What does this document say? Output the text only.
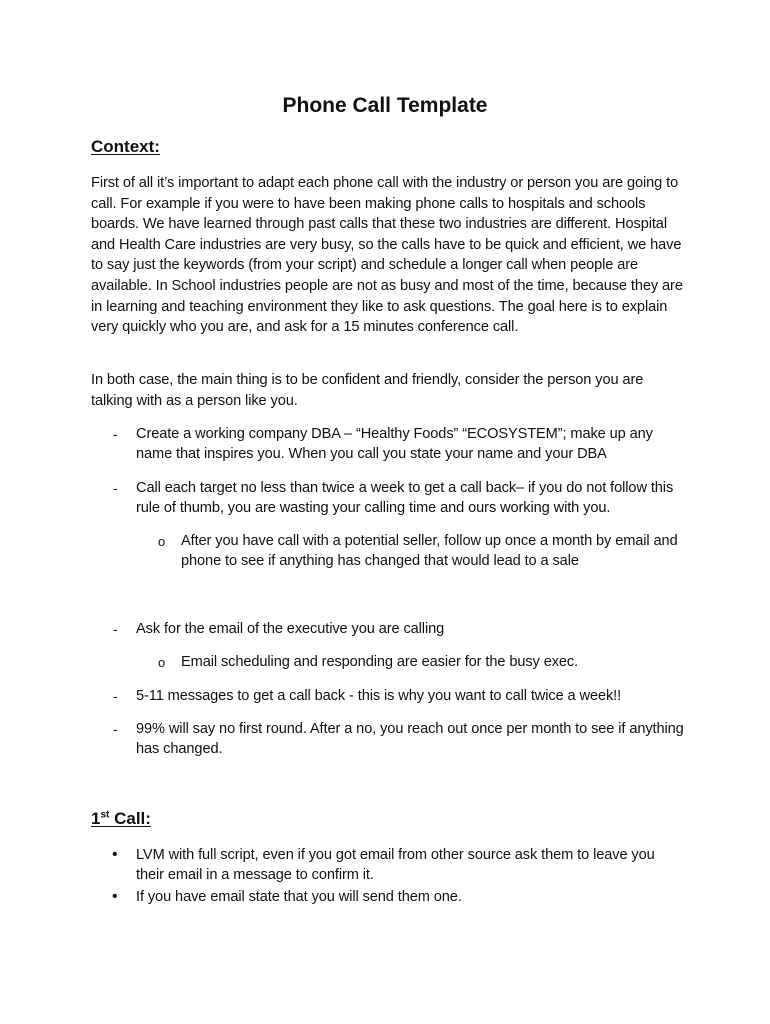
Phone Call Template
Context:
First of all it’s important to adapt each phone call with the industry or person you are going to call. For example if you were to have been making phone calls to hospitals and schools boards. We have learned through past calls that these two industries are different. Hospital and Health Care industries are very busy, so the calls have to be quick and efficient, we have to say just the keywords (from your script) and schedule a longer call when people are available. In School industries people are not as busy and most of the time, because they are in learning and teaching environment they like to ask questions. The goal here is to explain very quickly who you are, and ask for a 15 minutes conference call.
In both case, the main thing is to be confident and friendly, consider the person you are talking with as a person like you.
- Create a working company DBA – “Healthy Foods” “ECOSYSTEM”; make up any name that inspires you. When you call you state your name and your DBA
- Call each target no less than twice a week to get a call back– if you do not follow this rule of thumb, you are wasting your calling time and ours working with you.
o After you have call with a potential seller, follow up once a month by email and phone to see if anything has changed that would lead to a sale
- Ask for the email of the executive you are calling
o Email scheduling and responding are easier for the busy exec.
- 5-11 messages to get a call back - this is why you want to call twice a week!!
- 99% will say no first round. After a no, you reach out once per month to see if anything has changed.
1st Call:
• LVM with full script, even if you got email from other source ask them to leave you their email in a message to confirm it.
• If you have email state that you will send them one.
